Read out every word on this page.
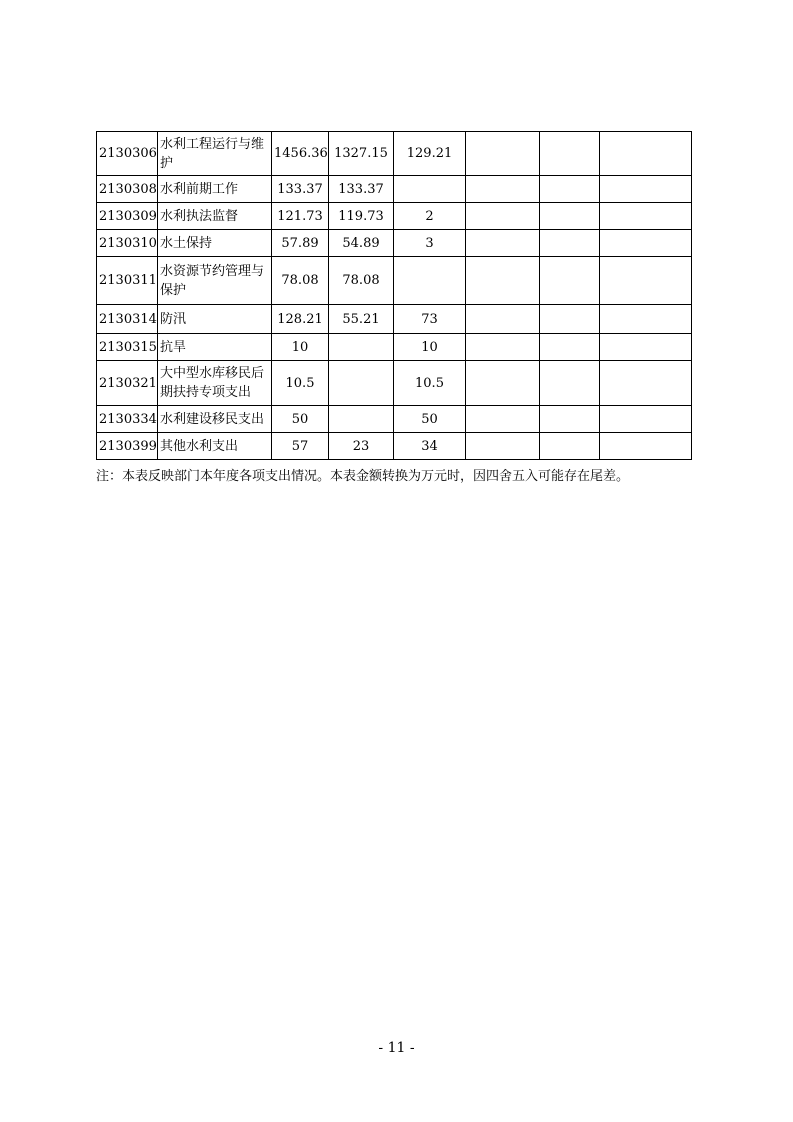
2130306	水利工程运行与维护	1456.36	1327.15	129.21			
2130308	水利前期工作	133.37	133.37				
2130309	水利执法监督	121.73	119.73	2			
2130310	水土保持	57.89	54.89	3			
2130311	水资源节约管理与保护	78.08	78.08				
2130314	防汛	128.21	55.21	73			
2130315	抗旱	10		10			
2130321	大中型水库移民后期扶持专项支出	10.5		10.5			
2130334	水利建设移民支出	50		50			
2130399	其他水利支出	57	23	34			
注：本表反映部门本年度各项支出情况。本表金额转换为万元时，因四舍五入可能存在尾差。
- 11 -
